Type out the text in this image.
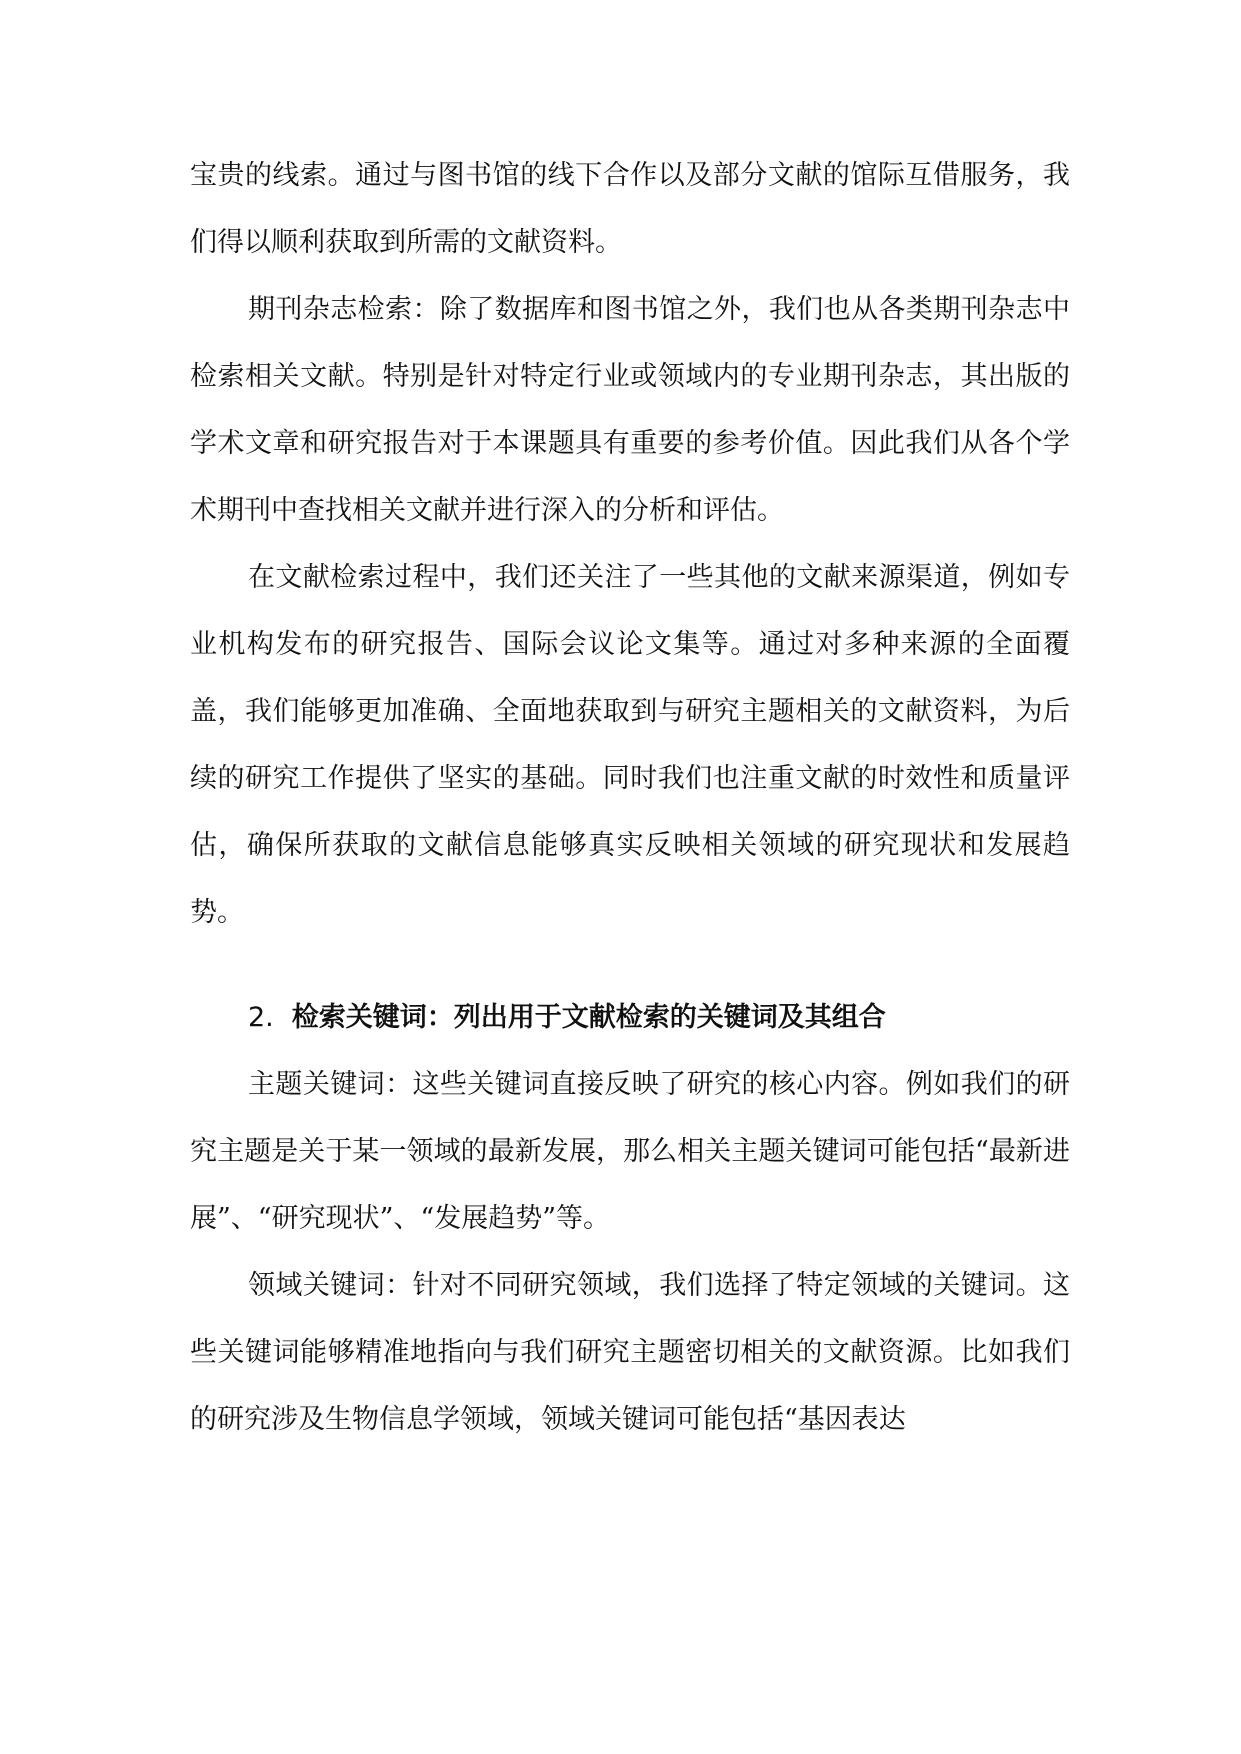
宝贵的线索。通过与图书馆的线下合作以及部分文献的馆际互借服务，我们得以顺利获取到所需的文献资料。

期刊杂志检索：除了数据库和图书馆之外，我们也从各类期刊杂志中检索相关文献。特别是针对特定行业或领域内的专业期刊杂志，其出版的学术文章和研究报告对于本课题具有重要的参考价值。因此我们从各个学术期刊中查找相关文献并进行深入的分析和评估。

在文献检索过程中，我们还关注了一些其他的文献来源渠道，例如专业机构发布的研究报告、国际会议论文集等。通过对多种来源的全面覆盖，我们能够更加准确、全面地获取到与研究主题相关的文献资料，为后续的研究工作提供了坚实的基础。同时我们也注重文献的时效性和质量评估，确保所获取的文献信息能够真实反映相关领域的研究现状和发展趋势。

2. 检索关键词：列出用于文献检索的关键词及其组合

主题关键词：这些关键词直接反映了研究的核心内容。例如我们的研究主题是关于某一领域的最新发展，那么相关主题关键词可能包括“最新进展”、“研究现状”、“发展趋势”等。

领域关键词：针对不同研究领域，我们选择了特定领域的关键词。这些关键词能够精准地指向与我们研究主题密切相关的文献资源。比如我们的研究涉及生物信息学领域，领域关键词可能包括“基因表达
